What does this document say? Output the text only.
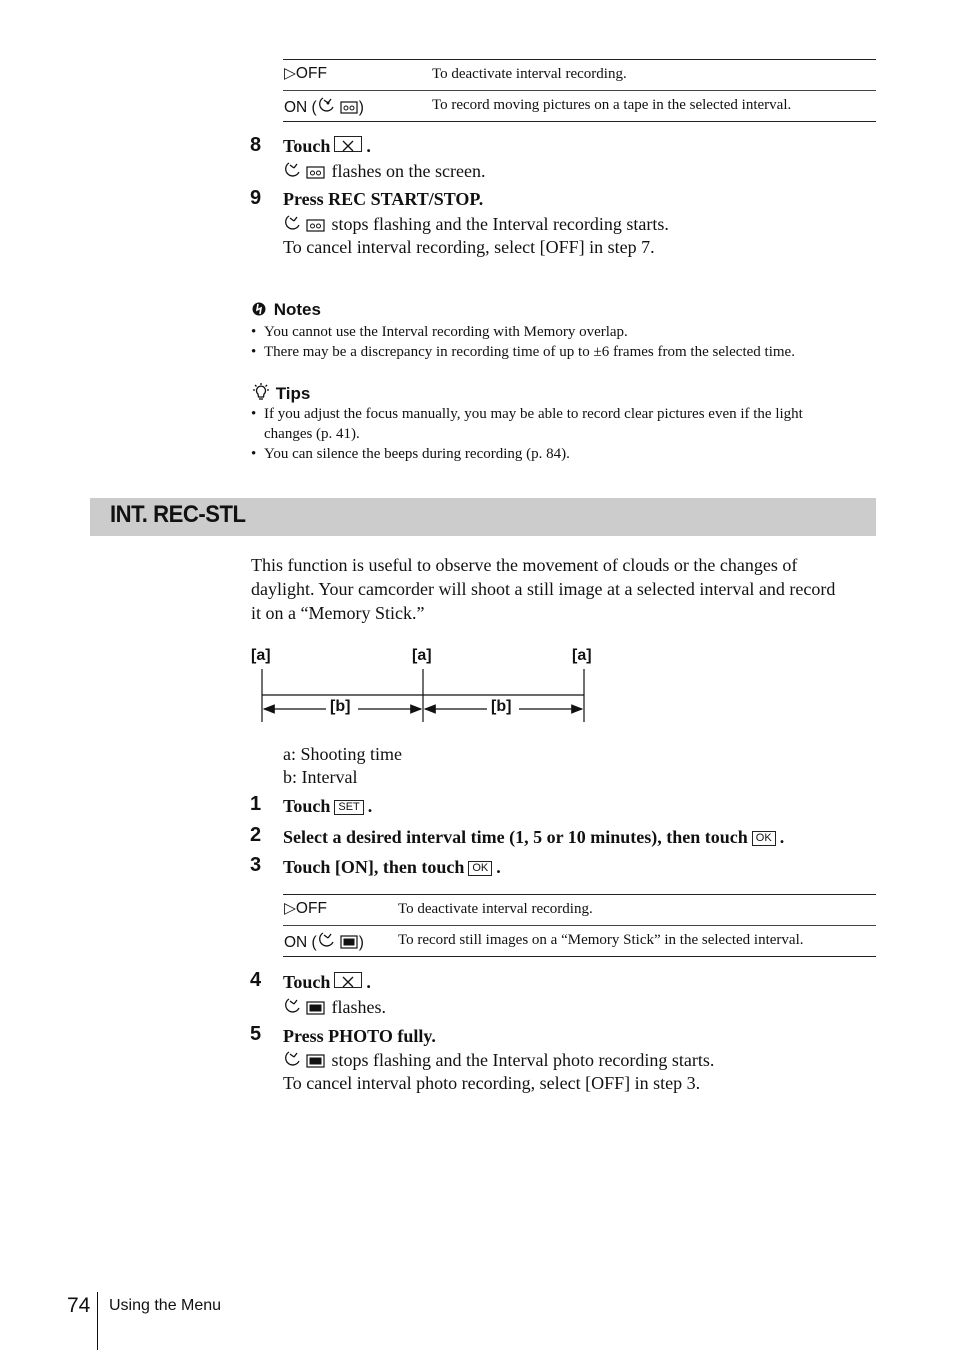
▷OFF	To deactivate interval recording.
ON (	)	To record moving pictures on a tape in the selected interval.
8 Touch .
flashes on the screen.
9 Press REC START/STOP.
stops flashing and the Interval recording starts.
To cancel interval recording, select [OFF] in step 7.
Notes
• You cannot use the Interval recording with Memory overlap.
• There may be a discrepancy in recording time of up to ±6 frames from the selected time.
Tips
• If you adjust the focus manually, you may be able to record clear pictures even if the light
changes (p. 41).
• You can silence the beeps during recording (p. 84).
INT. REC-STL
This function is useful to observe the movement of clouds or the changes of
daylight. Your camcorder will shoot a still image at a selected interval and record
it on a “Memory Stick.”
[a]	[a]	[a]
[b]	[b]
a: Shooting time
b: Interval
1 Touch SET .
2 Select a desired interval time (1, 5 or 10 minutes), then touch OK .
3 Touch [ON], then touch OK .
▷OFF	To deactivate interval recording.
ON (	) To record still images on a “Memory Stick” in the selected interval.
4 Touch .
flashes.
5 Press PHOTO fully.
stops flashing and the Interval photo recording starts.
To cancel interval photo recording, select [OFF] in step 3.
74 Using the Menu
